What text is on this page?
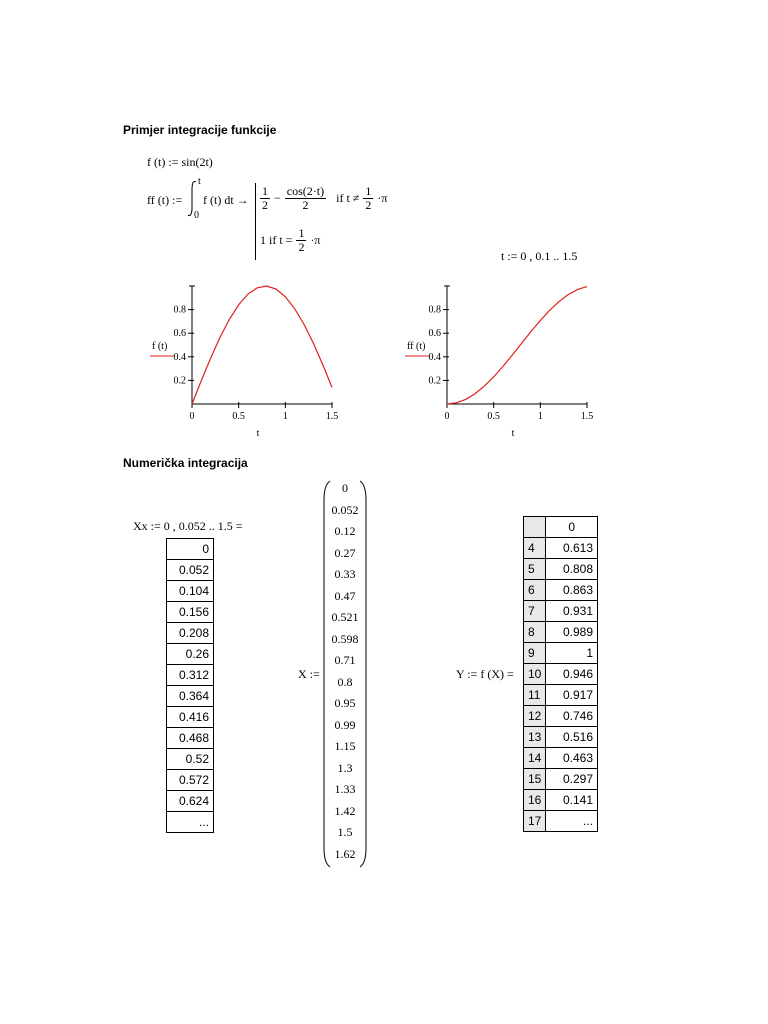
Primjer integracije funkcije
f (t) := sin(2t)
ff (t) :=
t
0
f (t) dt → $\frac{1}{2} - \frac{\cos(2\cdot t)}{2}$ if $t \ne \frac{1}{2} \cdot\pi$
1 if $t = \frac{1}{2} \cdot\pi$
t := 0 , 0.1 .. 1.5
0.2
0.4
0.6
0.8
0	0.5	1	1.5
t
f (t)
0.2
0.4
0.6
0.8
0	0.5	1	1.5
t
ff (t)
Numerička integracija
Xx := 0 , 0.052 .. 1.5 =
0
0.052
0.104
0.156
0.208
0.26
0.312
0.364
0.416
0.468
0.52
0.572
0.624
...
X :=
0
0.052
0.12
0.27
0.33
0.47
0.521
0.598
0.71
0.8
0.95
0.99
1.15
1.3
1.33
1.42
1.5
1.62
Y := f (X) =
	0
4	0.613
5	0.808
6	0.863
7	0.931
8	0.989
9	1
10	0.946
11	0.917
12	0.746
13	0.516
14	0.463
15	0.297
16	0.141
17	...
